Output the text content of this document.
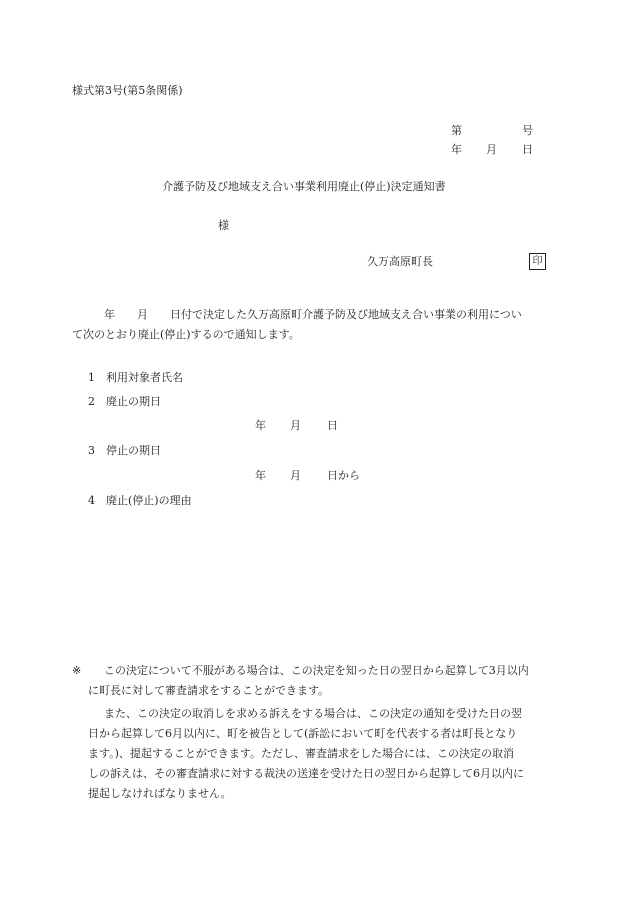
様式第3号(第5条関係)
第	号
年 月 日
介護予防及び地域支え合い事業利用廃止(停止)決定通知書
様
久万高原町長	印
年　　月　　日付で決定した久万高原町介護予防及び地域支え合い事業の利用につい
て次のとおり廃止(停止)するので通知します。
1 利用対象者氏名
2 廃止の期日
年 月 日
3 停止の期日
年 月 日から
4 廃止(停止)の理由
※ この決定について不服がある場合は、この決定を知った日の翌日から起算して3月以内
に町長に対して審査請求をすることができます。
また、この決定の取消しを求める訴えをする場合は、この決定の通知を受けた日の翌
日から起算して6月以内に、町を被告として(訴訟において町を代表する者は町長となり
ます。)、提起することができます。ただし、審査請求をした場合には、この決定の取消
しの訴えは、その審査請求に対する裁決の送達を受けた日の翌日から起算して6月以内に
提起しなければなりません。
